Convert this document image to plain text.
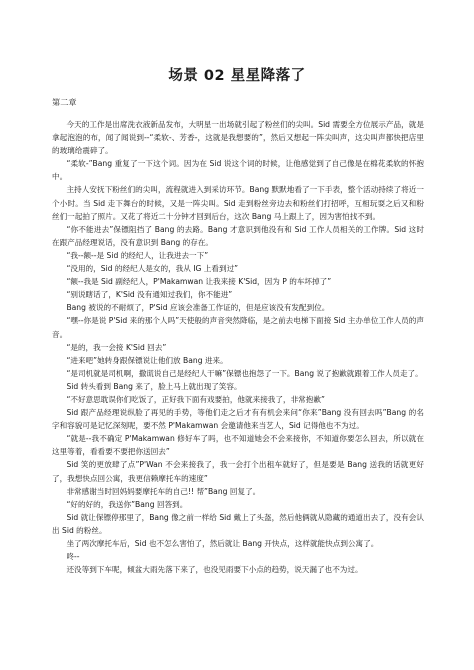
场景 02 星星降落了
第二章

今天的工作是出席洗衣液新品发布，大明星一出场就引起了粉丝们的尖叫。Sid 需要全方位展示产品，就是拿起泡泡的布，闻了闻说到--“柔软-、芳香-，这就是我想要的”，然后又想起一阵尖叫声，这尖叫声都快把店里的玻璃给震碎了。

“柔软-”Bang 重复了一下这个词。因为在 Sid 说这个词的时候，让他感觉到了自己像是在棉花柔软的怀抱中。

主持人安抚下粉丝们的尖叫，流程就进入到采访环节。Bang 默默地看了一下手表，整个活动持续了将近一个小时。当 Sid 走下舞台的时候，又是一阵尖叫。Sid 走到粉丝旁边去和粉丝们打招呼，互相玩耍之后又和粉丝们一起拍了照片。又花了将近二十分钟才回到后台，这次 Bang 马上跟上了，因为害怕找不到。

“你不能进去”保镖阻挡了 Bang 的去路。Bang 才意识到他没有和 Sid 工作人员相关的工作牌。Sid 这时在跟产品经理说话，没有意识到 Bang 的存在。

“我--额--是 Sid 的经纪人，让我进去一下”

“没用的，Sid 的经纪人是女的，我从 IG 上看到过”

“额--我是 Sid 副经纪人，P'Makamwan 让我来接 K'Sid，因为 P 的车坏掉了”

“别说瞎话了，K'Sid 没有通知过我们，你不能进”

Bang 被说的不耐烦了，P'Sid 应该会准备工作证的，但是应该没有发配到位。

“嘿--你是说 P'Sid 来的那个人吗”天使般的声音突然降临，是之前去电梯下面接 Sid 主办单位工作人员的声音。

“是的，我一会接 K'Sid 回去”

“进来吧”她转身跟保镖说让他们放 Bang 进来。

“是司机就是司机啊，撒谎说自己是经纪人干嘛”保镖也抱怨了一下。Bang 说了抱歉就跟着工作人员走了。

Sid 转头看到 Bang 来了，脸上马上就出现了笑容。

“不好意思耽误你们吃饭了，正好我下面有戏要拍，他就来接我了，非常抱歉”

Sid 跟产品经理说纵脸了再见的手势，等他们走之后才有有机会来问“你来”Bang 没有回去吗”Bang 的名字和容貌可是记忆深刻呢，要不然 P'Makamwan 会邀请他来当艺人，Sid 记得他也不为过。

“就是--我不确定 P'Makamwan 修好车了吗，也不知道她会不会来接你，不知道你要怎么回去，所以就在这里等着，看看要不要把你送回去”

Sid 笑的更放肆了点”P'Wan 不会来接我了，我一会打个出租车就好了，但是要是 Bang 送我的话就更好了，我想快点回公寓，我更信赖摩托车的速度”

非常感谢当时回妈妈要摩托车的自己!! 帮”Bang 回复了。

“好的好的，我送你”Bang 回答到。

Sid 就让保镖停那里了，Bang 像之前一样给 Sid 戴上了头盔，然后他俩就从隐藏的通道出去了，没有会认出 Sid 的粉丝。

坐了两次摩托车后，Sid 也不怎么害怕了，然后就让 Bang 开快点，这样就能快点到公寓了。

咚--

还没等到下车呢，倾盆大雨先落下来了，也没见雨要下小点的趋势，说天漏了也不为过。
